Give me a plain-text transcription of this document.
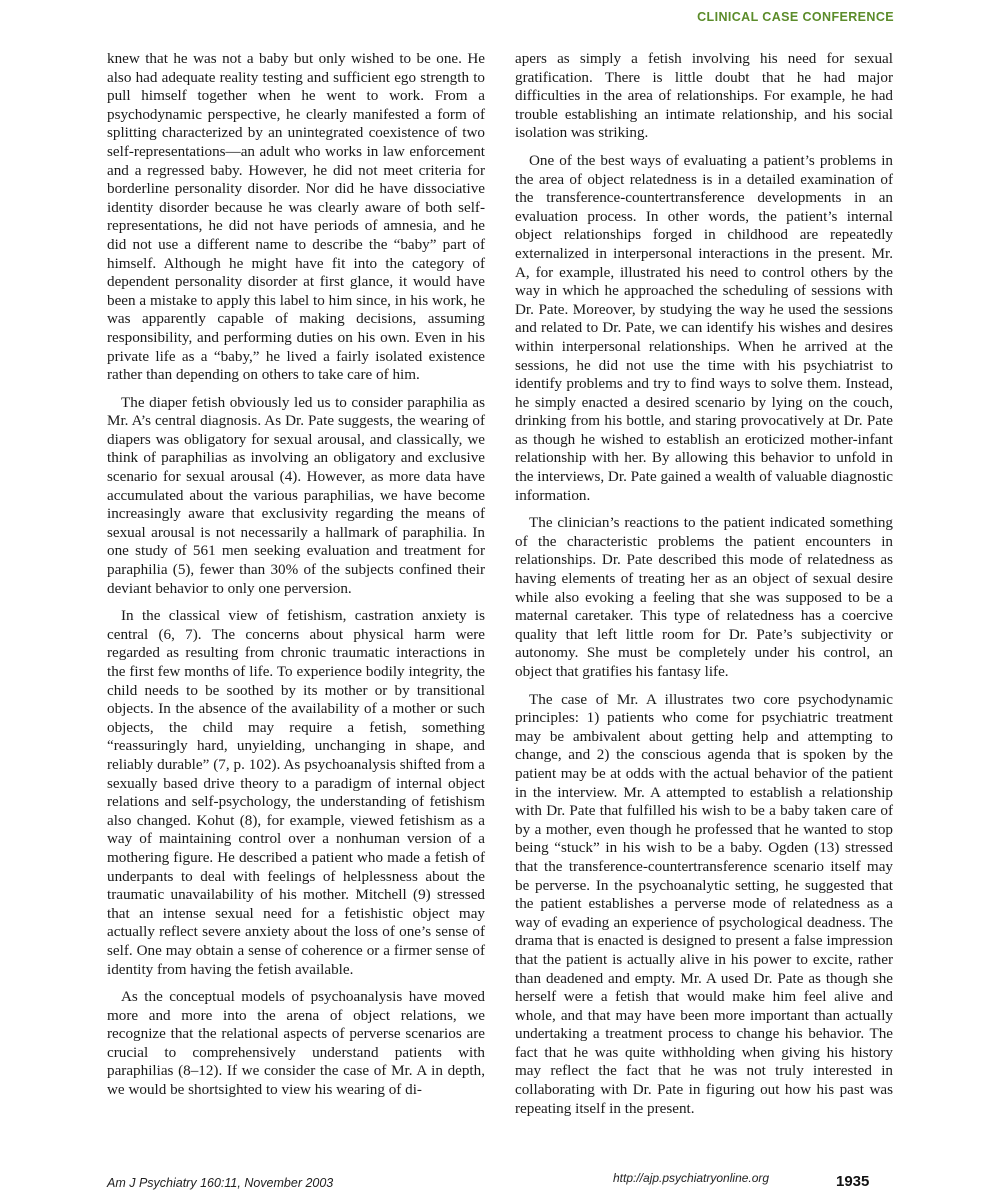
CLINICAL CASE CONFERENCE

knew that he was not a baby but only wished to be one. He also had adequate reality testing and sufficient ego strength to pull himself together when he went to work. From a psychodynamic perspective, he clearly manifested a form of splitting characterized by an unintegrated coexistence of two self-representations—an adult who works in law enforcement and a regressed baby. However, he did not meet criteria for borderline personality disorder. Nor did he have dissociative identity disorder because he was clearly aware of both self-representations, he did not have periods of amnesia, and he did not use a different name to describe the “baby” part of himself. Although he might have fit into the category of dependent personality disorder at first glance, it would have been a mistake to apply this label to him since, in his work, he was apparently capable of making decisions, assuming responsibility, and performing duties on his own. Even in his private life as a “baby,” he lived a fairly isolated existence rather than depending on others to take care of him.

The diaper fetish obviously led us to consider paraphilia as Mr. A’s central diagnosis. As Dr. Pate suggests, the wearing of diapers was obligatory for sexual arousal, and classically, we think of paraphilias as involving an obligatory and exclusive scenario for sexual arousal (4). However, as more data have accumulated about the various paraphilias, we have become increasingly aware that exclusivity regarding the means of sexual arousal is not necessarily a hallmark of paraphilia. In one study of 561 men seeking evaluation and treatment for paraphilia (5), fewer than 30% of the subjects confined their deviant behavior to only one perversion.

In the classical view of fetishism, castration anxiety is central (6, 7). The concerns about physical harm were regarded as resulting from chronic traumatic interactions in the first few months of life. To experience bodily integrity, the child needs to be soothed by its mother or by transitional objects. In the absence of the availability of a mother or such objects, the child may require a fetish, something “reassuringly hard, unyielding, unchanging in shape, and reliably durable” (7, p. 102). As psychoanalysis shifted from a sexually based drive theory to a paradigm of internal object relations and self-psychology, the understanding of fetishism also changed. Kohut (8), for example, viewed fetishism as a way of maintaining control over a nonhuman version of a mothering figure. He described a patient who made a fetish of underpants to deal with feelings of helplessness about the traumatic unavailability of his mother. Mitchell (9) stressed that an intense sexual need for a fetishistic object may actually reflect severe anxiety about the loss of one’s sense of self. One may obtain a sense of coherence or a firmer sense of identity from having the fetish available.

As the conceptual models of psychoanalysis have moved more and more into the arena of object relations, we recognize that the relational aspects of perverse scenarios are crucial to comprehensively understand patients with paraphilias (8–12). If we consider the case of Mr. A in depth, we would be shortsighted to view his wearing of di-

apers as simply a fetish involving his need for sexual gratification. There is little doubt that he had major difficulties in the area of relationships. For example, he had trouble establishing an intimate relationship, and his social isolation was striking.

One of the best ways of evaluating a patient’s problems in the area of object relatedness is in a detailed examination of the transference-countertransference developments in an evaluation process. In other words, the patient’s internal object relationships forged in childhood are repeatedly externalized in interpersonal interactions in the present. Mr. A, for example, illustrated his need to control others by the way in which he approached the scheduling of sessions with Dr. Pate. Moreover, by studying the way he used the sessions and related to Dr. Pate, we can identify his wishes and desires within interpersonal relationships. When he arrived at the sessions, he did not use the time with his psychiatrist to identify problems and try to find ways to solve them. Instead, he simply enacted a desired scenario by lying on the couch, drinking from his bottle, and staring provocatively at Dr. Pate as though he wished to establish an eroticized mother-infant relationship with her. By allowing this behavior to unfold in the interviews, Dr. Pate gained a wealth of valuable diagnostic information.

The clinician’s reactions to the patient indicated something of the characteristic problems the patient encounters in relationships. Dr. Pate described this mode of relatedness as having elements of treating her as an object of sexual desire while also evoking a feeling that she was supposed to be a maternal caretaker. This type of relatedness has a coercive quality that left little room for Dr. Pate’s subjectivity or autonomy. She must be completely under his control, an object that gratifies his fantasy life.

The case of Mr. A illustrates two core psychodynamic principles: 1) patients who come for psychiatric treatment may be ambivalent about getting help and attempting to change, and 2) the conscious agenda that is spoken by the patient may be at odds with the actual behavior of the patient in the interview. Mr. A attempted to establish a relationship with Dr. Pate that fulfilled his wish to be a baby taken care of by a mother, even though he professed that he wanted to stop being “stuck” in his wish to be a baby. Ogden (13) stressed that the transference-countertransference scenario itself may be perverse. In the psychoanalytic setting, he suggested that the patient establishes a perverse mode of relatedness as a way of evading an experience of psychological deadness. The drama that is enacted is designed to present a false impression that the patient is actually alive in his power to excite, rather than deadened and empty. Mr. A used Dr. Pate as though she herself were a fetish that would make him feel alive and whole, and that may have been more important than actually undertaking a treatment process to change his behavior. The fact that he was quite withholding when giving his history may reflect the fact that he was not truly interested in collaborating with Dr. Pate in figuring out how his past was repeating itself in the present.

Am J Psychiatry 160:11, November 2003	http://ajp.psychiatryonline.org	1935
